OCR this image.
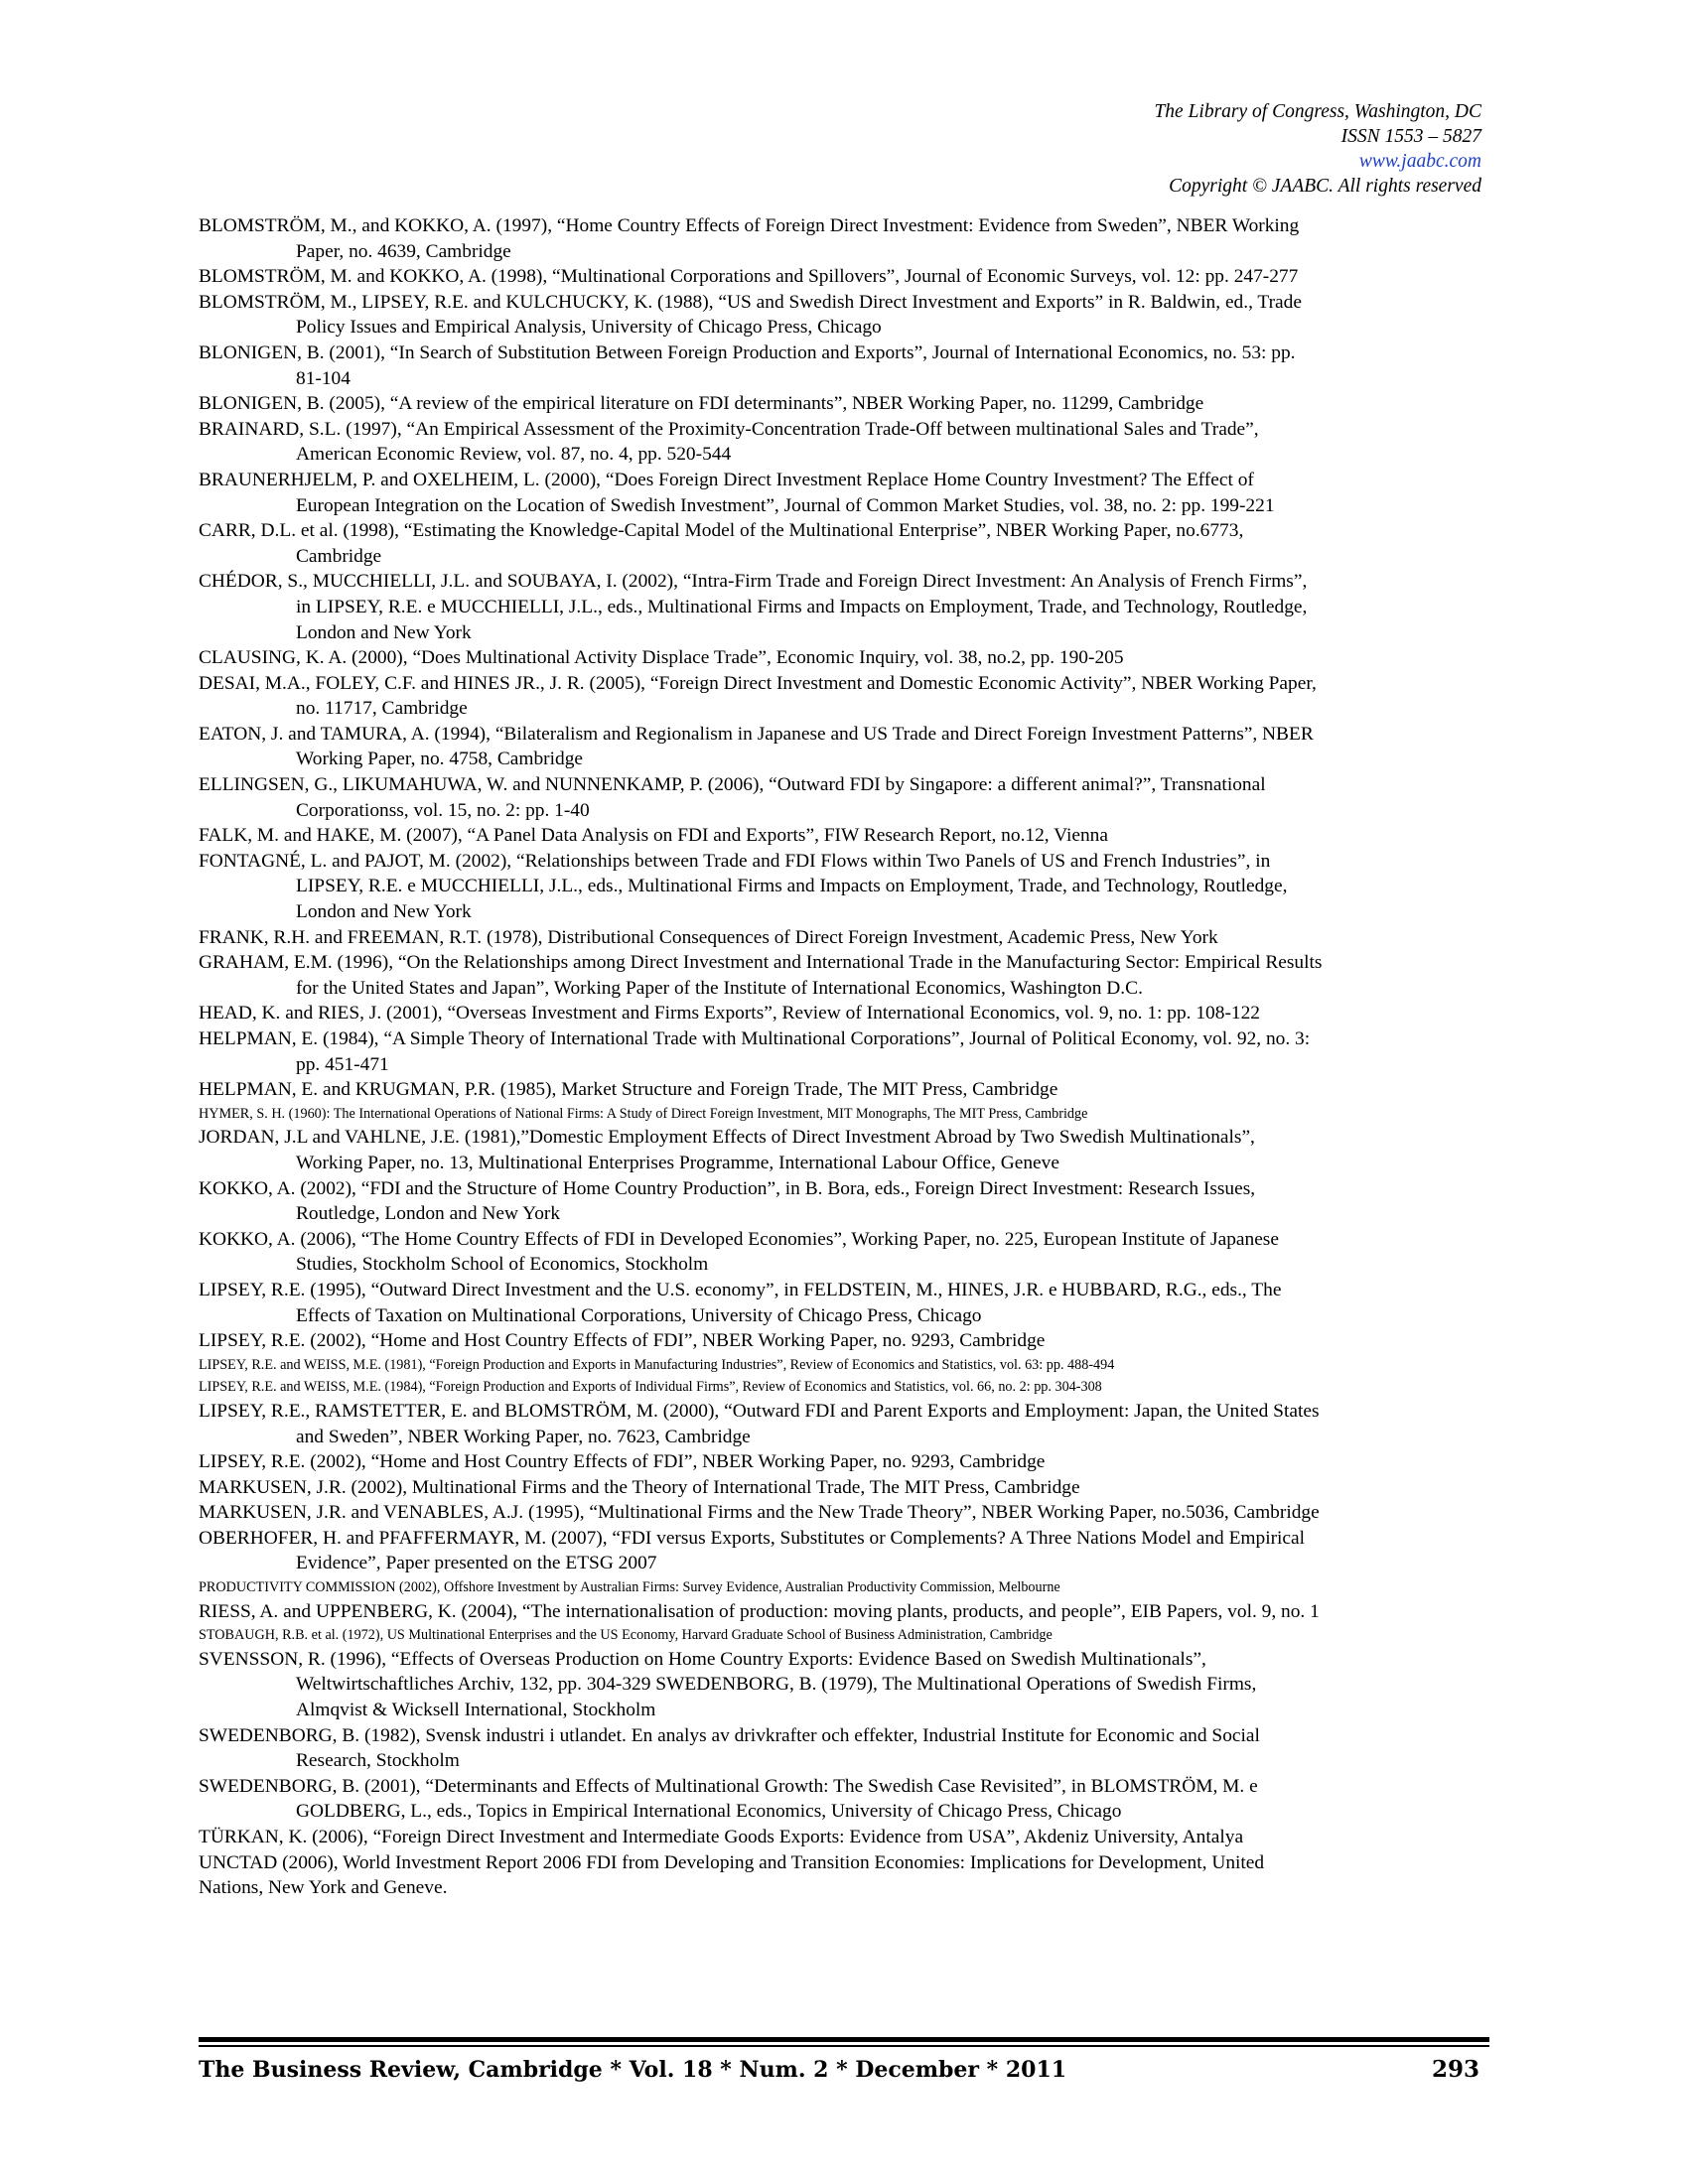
The Library of Congress, Washington, DC
ISSN 1553 – 5827
www.jaabc.com
Copyright © JAABC. All rights reserved
BLOMSTRÖM, M., and KOKKO, A. (1997), “Home Country Effects of Foreign Direct Investment: Evidence from Sweden”, NBER Working
Paper, no. 4639, Cambridge
BLOMSTRÖM, M. and KOKKO, A. (1998), “Multinational Corporations and Spillovers”, Journal of Economic Surveys, vol. 12: pp. 247-277
BLOMSTRÖM, M., LIPSEY, R.E. and KULCHUCKY, K. (1988), “US and Swedish Direct Investment and Exports” in R. Baldwin, ed., Trade
Policy Issues and Empirical Analysis, University of Chicago Press, Chicago
BLONIGEN, B. (2001), “In Search of Substitution Between Foreign Production and Exports”, Journal of International Economics, no. 53: pp.
81-104
BLONIGEN, B. (2005), “A review of the empirical literature on FDI determinants”, NBER Working Paper, no. 11299, Cambridge
BRAINARD, S.L. (1997), “An Empirical Assessment of the Proximity-Concentration Trade-Off between multinational Sales and Trade”,
American Economic Review, vol. 87, no. 4, pp. 520-544
BRAUNERHJELM, P. and OXELHEIM, L. (2000), “Does Foreign Direct Investment Replace Home Country Investment? The Effect of
European Integration on the Location of Swedish Investment”, Journal of Common Market Studies, vol. 38, no. 2: pp. 199-221
CARR, D.L. et al. (1998), “Estimating the Knowledge-Capital Model of the Multinational Enterprise”, NBER Working Paper, no.6773,
Cambridge
CHÉDOR, S., MUCCHIELLI, J.L. and SOUBAYA, I. (2002), “Intra-Firm Trade and Foreign Direct Investment: An Analysis of French Firms”,
in LIPSEY, R.E. e MUCCHIELLI, J.L., eds., Multinational Firms and Impacts on Employment, Trade, and Technology, Routledge,
London and New York
CLAUSING, K. A. (2000), “Does Multinational Activity Displace Trade”, Economic Inquiry, vol. 38, no.2, pp. 190-205
DESAI, M.A., FOLEY, C.F. and HINES JR., J. R. (2005), “Foreign Direct Investment and Domestic Economic Activity”, NBER Working Paper,
no. 11717, Cambridge
EATON, J. and TAMURA, A. (1994), “Bilateralism and Regionalism in Japanese and US Trade and Direct Foreign Investment Patterns”, NBER
Working Paper, no. 4758, Cambridge
ELLINGSEN, G., LIKUMAHUWA, W. and NUNNENKAMP, P. (2006), “Outward FDI by Singapore: a different animal?”, Transnational
Corporationss, vol. 15, no. 2: pp. 1-40
FALK, M. and HAKE, M. (2007), “A Panel Data Analysis on FDI and Exports”, FIW Research Report, no.12, Vienna
FONTAGNÉ, L. and PAJOT, M. (2002), “Relationships between Trade and FDI Flows within Two Panels of US and French Industries”, in
LIPSEY, R.E. e MUCCHIELLI, J.L., eds., Multinational Firms and Impacts on Employment, Trade, and Technology, Routledge,
London and New York
FRANK, R.H. and FREEMAN, R.T. (1978), Distributional Consequences of Direct Foreign Investment, Academic Press, New York
GRAHAM, E.M. (1996), “On the Relationships among Direct Investment and International Trade in the Manufacturing Sector: Empirical Results
for the United States and Japan”, Working Paper of the Institute of International Economics, Washington D.C.
HEAD, K. and RIES, J. (2001), “Overseas Investment and Firms Exports”, Review of International Economics, vol. 9, no. 1: pp. 108-122
HELPMAN, E. (1984), “A Simple Theory of International Trade with Multinational Corporations”, Journal of Political Economy, vol. 92, no. 3:
pp. 451-471
HELPMAN, E. and KRUGMAN, P.R. (1985), Market Structure and Foreign Trade, The MIT Press, Cambridge
HYMER, S. H. (1960): The International Operations of National Firms: A Study of Direct Foreign Investment, MIT Monographs, The MIT Press, Cambridge
JORDAN, J.L and VAHLNE, J.E. (1981),”Domestic Employment Effects of Direct Investment Abroad by Two Swedish Multinationals”,
Working Paper, no. 13, Multinational Enterprises Programme, International Labour Office, Geneve
KOKKO, A. (2002), “FDI and the Structure of Home Country Production”, in B. Bora, eds., Foreign Direct Investment: Research Issues,
Routledge, London and New York
KOKKO, A. (2006), “The Home Country Effects of FDI in Developed Economies”, Working Paper, no. 225, European Institute of Japanese
Studies, Stockholm School of Economics, Stockholm
LIPSEY, R.E. (1995), “Outward Direct Investment and the U.S. economy”, in FELDSTEIN, M., HINES, J.R. e HUBBARD, R.G., eds., The
Effects of Taxation on Multinational Corporations, University of Chicago Press, Chicago
LIPSEY, R.E. (2002), “Home and Host Country Effects of FDI”, NBER Working Paper, no. 9293, Cambridge
LIPSEY, R.E. and WEISS, M.E. (1981), “Foreign Production and Exports in Manufacturing Industries”, Review of Economics and Statistics, vol. 63: pp. 488-494
LIPSEY, R.E. and WEISS, M.E. (1984), “Foreign Production and Exports of Individual Firms”, Review of Economics and Statistics, vol. 66, no. 2: pp. 304-308
LIPSEY, R.E., RAMSTETTER, E. and BLOMSTRÖM, M. (2000), “Outward FDI and Parent Exports and Employment: Japan, the United States
and Sweden”, NBER Working Paper, no. 7623, Cambridge
LIPSEY, R.E. (2002), “Home and Host Country Effects of FDI”, NBER Working Paper, no. 9293, Cambridge
MARKUSEN, J.R. (2002), Multinational Firms and the Theory of International Trade, The MIT Press, Cambridge
MARKUSEN, J.R. and VENABLES, A.J. (1995), “Multinational Firms and the New Trade Theory”, NBER Working Paper, no.5036, Cambridge
OBERHOFER, H. and PFAFFERMAYR, M. (2007), “FDI versus Exports, Substitutes or Complements? A Three Nations Model and Empirical
Evidence”, Paper presented on the ETSG 2007
PRODUCTIVITY COMMISSION (2002), Offshore Investment by Australian Firms: Survey Evidence, Australian Productivity Commission, Melbourne
RIESS, A. and UPPENBERG, K. (2004), “The internationalisation of production: moving plants, products, and people”, EIB Papers, vol. 9, no. 1
STOBAUGH, R.B. et al. (1972), US Multinational Enterprises and the US Economy, Harvard Graduate School of Business Administration, Cambridge
SVENSSON, R. (1996), “Effects of Overseas Production on Home Country Exports: Evidence Based on Swedish Multinationals”,
Weltwirtschaftliches Archiv, 132, pp. 304-329 SWEDENBORG, B. (1979), The Multinational Operations of Swedish Firms,
Almqvist & Wicksell International, Stockholm
SWEDENBORG, B. (1982), Svensk industri i utlandet. En analys av drivkrafter och effekter, Industrial Institute for Economic and Social
Research, Stockholm
SWEDENBORG, B. (2001), “Determinants and Effects of Multinational Growth: The Swedish Case Revisited”, in BLOMSTRÖM, M. e
GOLDBERG, L., eds., Topics in Empirical International Economics, University of Chicago Press, Chicago
TÜRKAN, K. (2006), “Foreign Direct Investment and Intermediate Goods Exports: Evidence from USA”, Akdeniz University, Antalya
UNCTAD (2006), World Investment Report 2006 FDI from Developing and Transition Economies: Implications for Development, United
Nations, New York and Geneve.
The Business Review, Cambridge * Vol. 18 * Num. 2 * December * 2011	293
